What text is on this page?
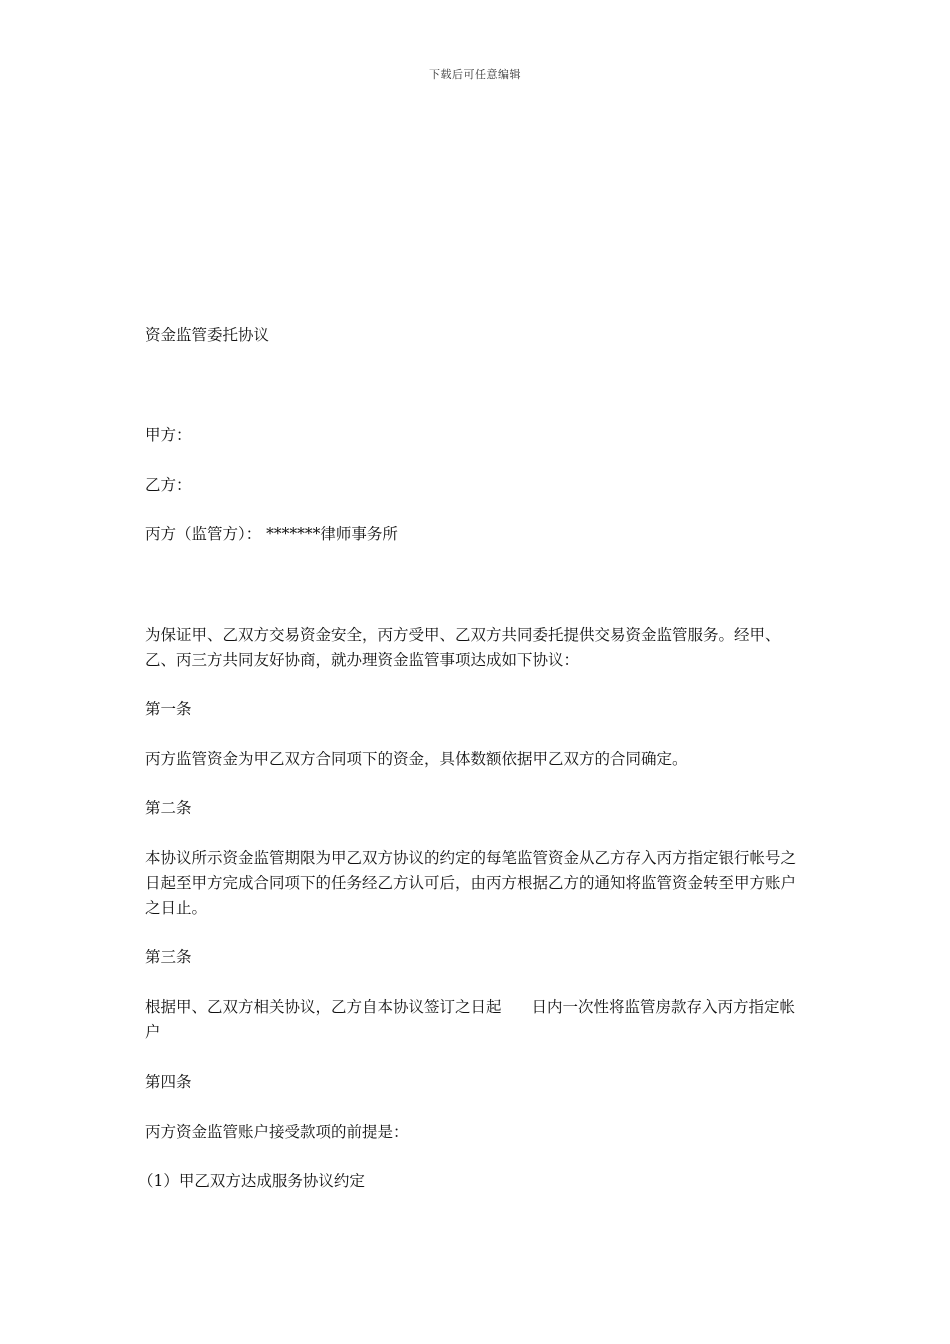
下载后可任意编辑
资金监管委托协议
甲方：
乙方：
丙方（监管方）： *******律师事务所
为保证甲、乙双方交易资金安全，丙方受甲、乙双方共同委托提供交易资金监管服务。经甲、乙、丙三方共同友好协商，就办理资金监管事项达成如下协议：
第一条
丙方监管资金为甲乙双方合同项下的资金，具体数额依据甲乙双方的合同确定。
第二条
本协议所示资金监管期限为甲乙双方协议的约定的每笔监管资金从乙方存入丙方指定银行帐号之日起至甲方完成合同项下的任务经乙方认可后，由丙方根据乙方的通知将监管资金转至甲方账户之日止。
第三条
根据甲、乙双方相关协议，乙方自本协议签订之日起 日内一次性将监管房款存入丙方指定帐户
第四条
丙方资金监管账户接受款项的前提是：
（1）甲乙双方达成服务协议约定
